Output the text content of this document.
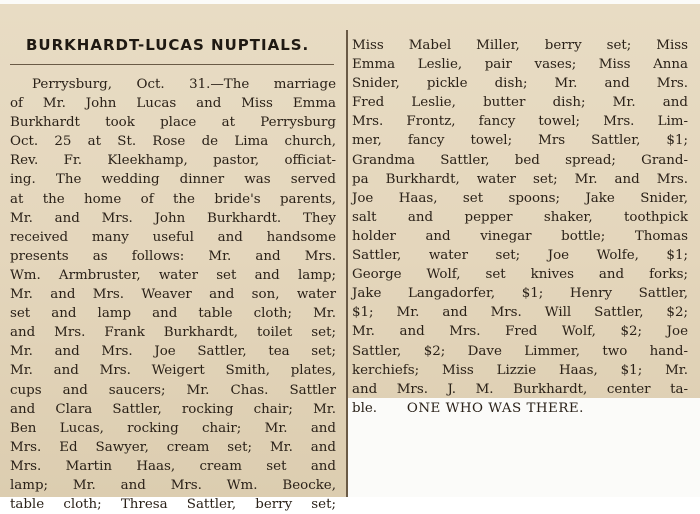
BURKHARDT-LUCAS NUPTIALS.
Perrysburg, Oct. 31.—The marriage
of Mr. John Lucas and Miss Emma
Burkhardt took place at Perrysburg
Oct. 25 at St. Rose de Lima church,
Rev. Fr. Kleekhamp, pastor, officiat-
ing. The wedding dinner was served
at the home of the bride's parents,
Mr. and Mrs. John Burkhardt. They
received many useful and handsome
presents as follows: Mr. and Mrs.
Wm. Armbruster, water set and lamp;
Mr. and Mrs. Weaver and son, water
set and lamp and table cloth; Mr.
and Mrs. Frank Burkhardt, toilet set;
Mr. and Mrs. Joe Sattler, tea set;
Mr. and Mrs. Weigert Smith, plates,
cups and saucers; Mr. Chas. Sattler
and Clara Sattler, rocking chair; Mr.
Ben Lucas, rocking chair; Mr. and
Mrs. Ed Sawyer, cream set; Mr. and
Mrs. Martin Haas, cream set and
lamp; Mr. and Mrs. Wm. Beocke,
table cloth; Thresa Sattler, berry set;
Miss Mabel Miller, berry set; Miss
Emma Leslie, pair vases; Miss Anna
Snider, pickle dish; Mr. and Mrs.
Fred Leslie, butter dish; Mr. and
Mrs. Frontz, fancy towel; Mrs. Lim-
mer, fancy towel; Mrs Sattler, $1;
Grandma Sattler, bed spread; Grand-
pa Burkhardt, water set; Mr. and Mrs.
Joe Haas, set spoons; Jake Snider,
salt and pepper shaker, toothpick
holder and vinegar bottle; Thomas
Sattler, water set; Joe Wolfe, $1;
George Wolf, set knives and forks;
Jake Langadorfer, $1; Henry Sattler,
$1; Mr. and Mrs. Will Sattler, $2;
Mr. and Mrs. Fred Wolf, $2; Joe
Sattler, $2; Dave Limmer, two hand-
kerchiefs; Miss Lizzie Haas, $1; Mr.
and Mrs. J. M. Burkhardt, center ta-
ble. ONE WHO WAS THERE.
